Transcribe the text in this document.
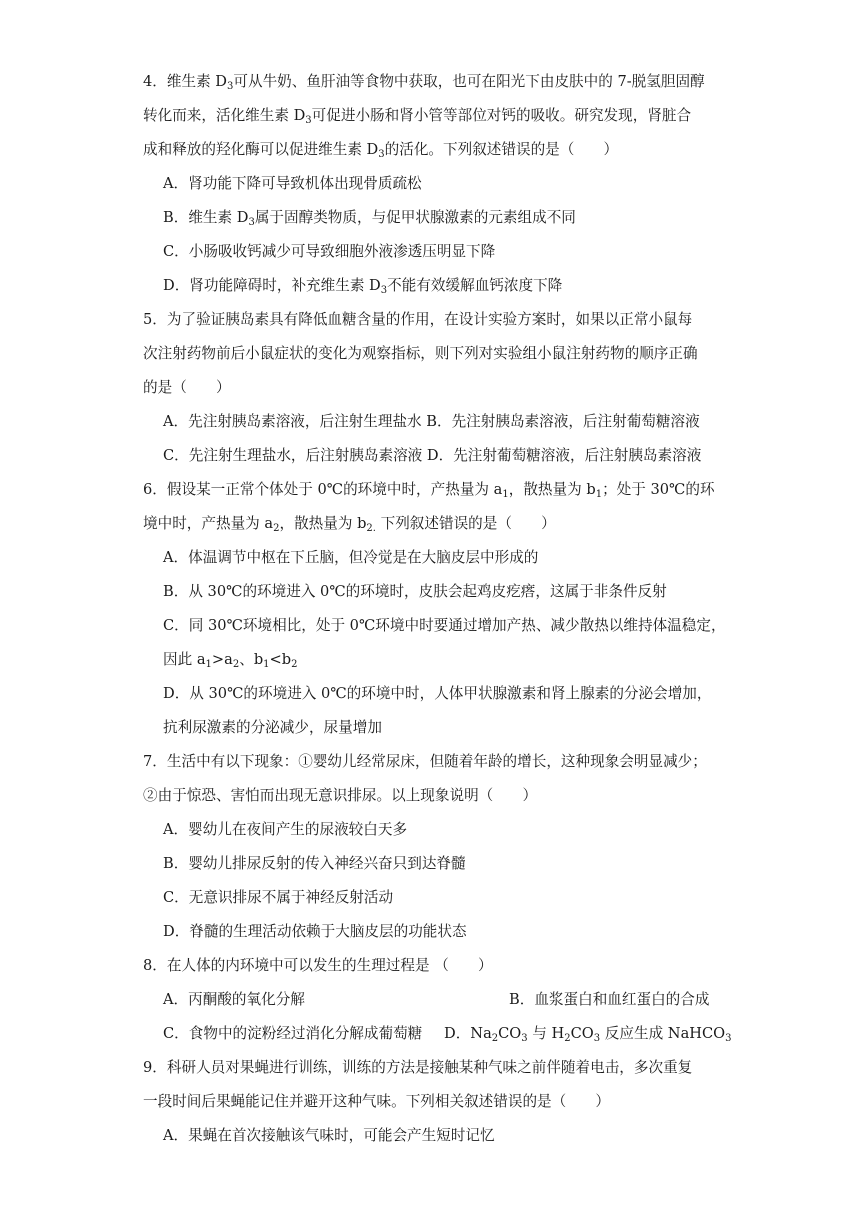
4．维生素 $D_3$可从牛奶、鱼肝油等食物中获取，也可在阳光下由皮肤中的 7-脱氢胆固醇
转化而来，活化维生素 $D_3$可促进小肠和肾小管等部位对钙的吸收。研究发现，肾脏合
成和释放的羟化酶可以促进维生素 $D_3$的活化。下列叙述错误的是（　　）
A．肾功能下降可导致机体出现骨质疏松
B．维生素 $D_3$属于固醇类物质，与促甲状腺激素的元素组成不同
C．小肠吸收钙减少可导致细胞外液渗透压明显下降
D．肾功能障碍时，补充维生素 $D_3$不能有效缓解血钙浓度下降
5．为了验证胰岛素具有降低血糖含量的作用，在设计实验方案时，如果以正常小鼠每
次注射药物前后小鼠症状的变化为观察指标，则下列对实验组小鼠注射药物的顺序正确
的是（　　）
A．先注射胰岛素溶液，后注射生理盐水 B．先注射胰岛素溶液，后注射葡萄糖溶液
C．先注射生理盐水，后注射胰岛素溶液 D．先注射葡萄糖溶液，后注射胰岛素溶液
6．假设某一正常个体处于 0℃的环境中时，产热量为 $a_1$，散热量为 $b_1$；处于 30℃的环
境中时，产热量为 $a_2$，散热量为 $b_{2.}$ 下列叙述错误的是（　　）
A．体温调节中枢在下丘脑，但冷觉是在大脑皮层中形成的
B．从 30℃的环境进入 0℃的环境时，皮肤会起鸡皮疙瘩，这属于非条件反射
C．同 30℃环境相比，处于 0℃环境中时要通过增加产热、减少散热以维持体温稳定，
因此 $a_1>a_2$、$b_1<b_2$
D．从 30℃的环境进入 0℃的环境中时，人体甲状腺激素和肾上腺素的分泌会增加，
抗利尿激素的分泌减少，尿量增加
7．生活中有以下现象：①婴幼儿经常尿床，但随着年龄的增长，这种现象会明显减少；
②由于惊恐、害怕而出现无意识排尿。以上现象说明（　　）
A．婴幼儿在夜间产生的尿液较白天多
B．婴幼儿排尿反射的传入神经兴奋只到达脊髓
C．无意识排尿不属于神经反射活动
D．脊髓的生理活动依赖于大脑皮层的功能状态
8．在人体的内环境中可以发生的生理过程是 （　　）
A．丙酮酸的氧化分解	B．血浆蛋白和血红蛋白的合成
C．食物中的淀粉经过消化分解成葡萄糖 D．$Na_2CO_3$ 与 $H_2CO_3$ 反应生成 NaHCO$_3$
9．科研人员对果蝇进行训练，训练的方法是接触某种气味之前伴随着电击，多次重复
一段时间后果蝇能记住并避开这种气味。下列相关叙述错误的是（　　）
A．果蝇在首次接触该气味时，可能会产生短时记忆
